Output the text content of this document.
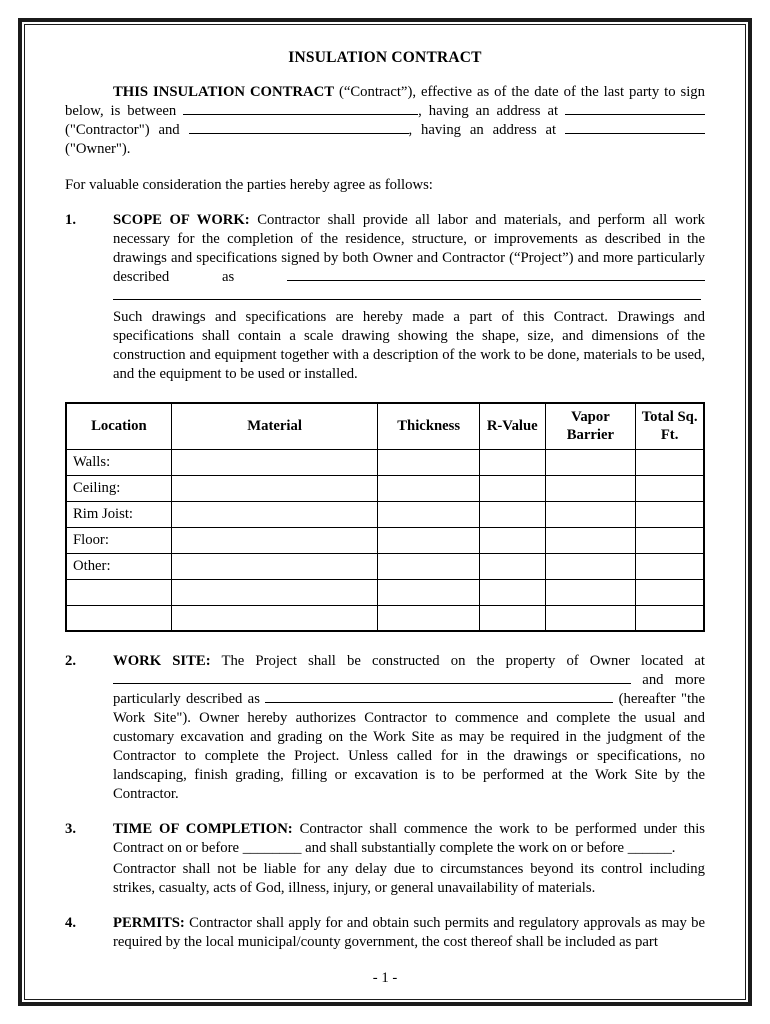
INSULATION CONTRACT

THIS INSULATION CONTRACT (“Contract”), effective as of the date of the last party to sign below, is between	, having an address at  ("Contractor") and	, having an address at  ("Owner").

For valuable consideration the parties hereby agree as follows:

1.	SCOPE OF WORK: Contractor shall provide all labor and materials, and perform all work necessary for the completion of the residence, structure, or improvements as described in the drawings and specifications signed by both Owner and Contractor (“Project”) and more particularly described as

Such drawings and specifications are hereby made a part of this Contract. Drawings and specifications shall contain a scale drawing showing the shape, size, and dimensions of the construction and equipment together with a description of the work to be done, materials to be used, and the equipment to be used or installed.

Location	Material	Thickness	R-Value	Vapor Barrier	Total Sq. Ft.
Walls:					
Ceiling:					
Rim Joist:					
Floor:					
Other:					

2.	WORK SITE: The Project shall be constructed on the property of Owner located at  and more particularly described as	(hereafter "the Work Site"). Owner hereby authorizes Contractor to commence and complete the usual and customary excavation and grading on the Work Site as may be required in the judgment of the Contractor to complete the Project. Unless called for in the drawings or specifications, no landscaping, finish grading, filling or excavation is to be performed at the Work Site by the Contractor.

3.	TIME OF COMPLETION: Contractor shall commence the work to be performed under this Contract on or before ________ and shall substantially complete the work on or before ______.

Contractor shall not be liable for any delay due to circumstances beyond its control including strikes, casualty, acts of God, illness, injury, or general unavailability of materials.

4.	PERMITS: Contractor shall apply for and obtain such permits and regulatory approvals as may be required by the local municipal/county government, the cost thereof shall be included as part

- 1 -
